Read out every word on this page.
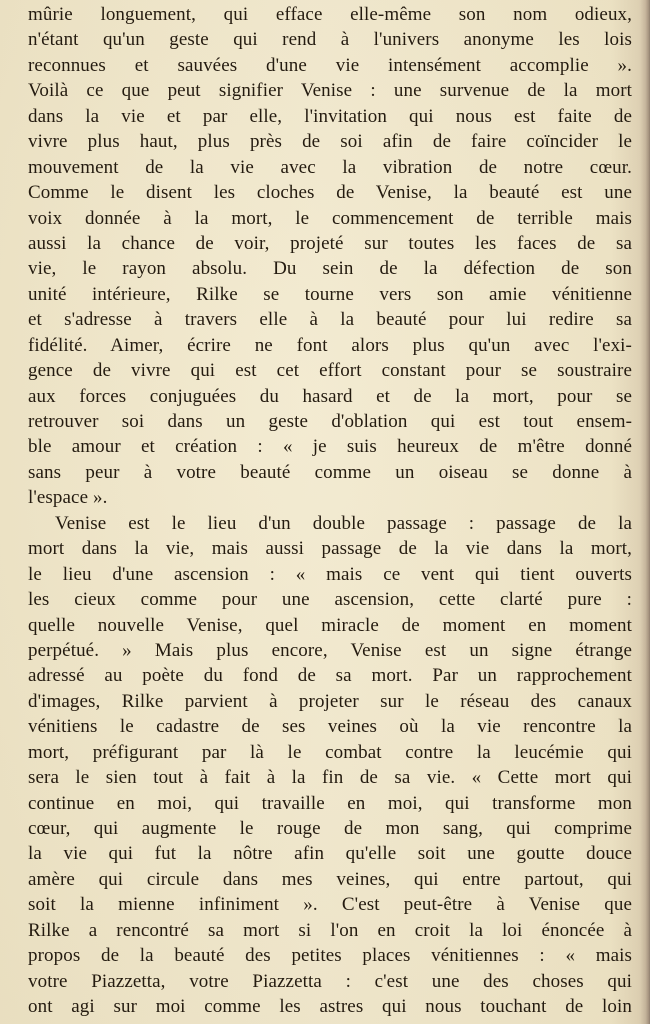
mûrie longuement, qui efface elle-même son nom odieux,
n'étant qu'un geste qui rend à l'univers anonyme les lois
reconnues et sauvées d'une vie intensément accomplie ».
Voilà ce que peut signifier Venise : une survenue de la mort
dans la vie et par elle, l'invitation qui nous est faite de
vivre plus haut, plus près de soi afin de faire coïncider le
mouvement de la vie avec la vibration de notre cœur.
Comme le disent les cloches de Venise, la beauté est une
voix donnée à la mort, le commencement de terrible mais
aussi la chance de voir, projeté sur toutes les faces de sa
vie, le rayon absolu. Du sein de la défection de son
unité intérieure, Rilke se tourne vers son amie vénitienne
et s'adresse à travers elle à la beauté pour lui redire sa
fidélité. Aimer, écrire ne font alors plus qu'un avec l'exi-
gence de vivre qui est cet effort constant pour se soustraire
aux forces conjuguées du hasard et de la mort, pour se
retrouver soi dans un geste d'oblation qui est tout ensem-
ble amour et création : « je suis heureux de m'être donné
sans peur à votre beauté comme un oiseau se donne à
l'espace ».
Venise est le lieu d'un double passage : passage de la
mort dans la vie, mais aussi passage de la vie dans la mort,
le lieu d'une ascension : « mais ce vent qui tient ouverts
les cieux comme pour une ascension, cette clarté pure :
quelle nouvelle Venise, quel miracle de moment en moment
perpétué. » Mais plus encore, Venise est un signe étrange
adressé au poète du fond de sa mort. Par un rapprochement
d'images, Rilke parvient à projeter sur le réseau des canaux
vénitiens le cadastre de ses veines où la vie rencontre la
mort, préfigurant par là le combat contre la leucémie qui
sera le sien tout à fait à la fin de sa vie. « Cette mort qui
continue en moi, qui travaille en moi, qui transforme mon
cœur, qui augmente le rouge de mon sang, qui comprime
la vie qui fut la nôtre afin qu'elle soit une goutte douce
amère qui circule dans mes veines, qui entre partout, qui
soit la mienne infiniment ». C'est peut-être à Venise que
Rilke a rencontré sa mort si l'on en croit la loi énoncée à
propos de la beauté des petites places vénitiennes : « mais
votre Piazzetta, votre Piazzetta : c'est une des choses qui
ont agi sur moi comme les astres qui nous touchant de loin
